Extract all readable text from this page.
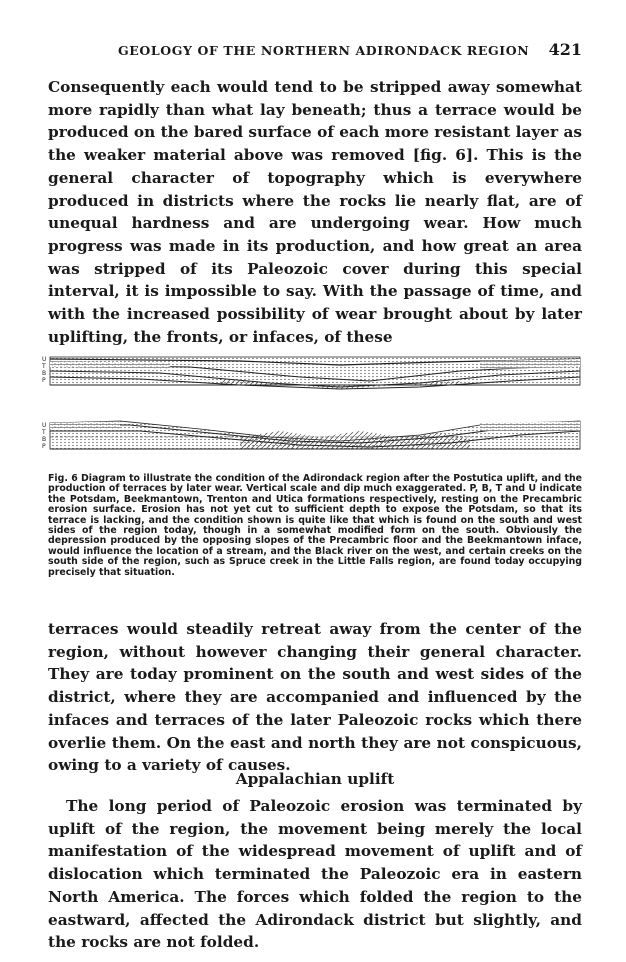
GEOLOGY OF THE NORTHERN ADIRONDACK REGION 421

Consequently each would tend to be stripped away somewhat more rapidly than what lay beneath; thus a terrace would be produced on the bared surface of each more resistant layer as the weaker material above was removed [fig. 6]. This is the general character of topography which is everywhere produced in districts where the rocks lie nearly flat, are of unequal hardness and are undergoing wear. How much progress was made in its production, and how great an area was stripped of its Paleozoic cover during this special interval, it is impossible to say. With the passage of time, and with the increased possibility of wear brought about by later uplifting, the fronts, or infaces, of these

U
T
B
P
U
T
B
P

Fig. 6 Diagram to illustrate the condition of the Adirondack region after the Postutica uplift, and the production of terraces by later wear. Vertical scale and dip much exaggerated. P, B, T and U indicate the Potsdam, Beekmantown, Trenton and Utica formations respectively, resting on the Precambric erosion surface. Erosion has not yet cut to sufficient depth to expose the Potsdam, so that its terrace is lacking, and the condition shown is quite like that which is found on the south and west sides of the region today, though in a somewhat modified form on the south. Obviously the depression produced by the opposing slopes of the Precambric floor and the Beekmantown inface, would influence the location of a stream, and the Black river on the west, and certain creeks on the south side of the region, such as Spruce creek in the Little Falls region, are found today occupying precisely that situation.

terraces would steadily retreat away from the center of the region, without however changing their general character. They are today prominent on the south and west sides of the district, where they are accompanied and influenced by the infaces and terraces of the later Paleozoic rocks which there overlie them. On the east and north they are not conspicuous, owing to a variety of causes.

Appalachian uplift

The long period of Paleozoic erosion was terminated by uplift of the region, the movement being merely the local manifestation of the widespread movement of uplift and of dislocation which terminated the Paleozoic era in eastern North America. The forces which folded the region to the eastward, affected the Adirondack district but slightly, and the rocks are not folded.
